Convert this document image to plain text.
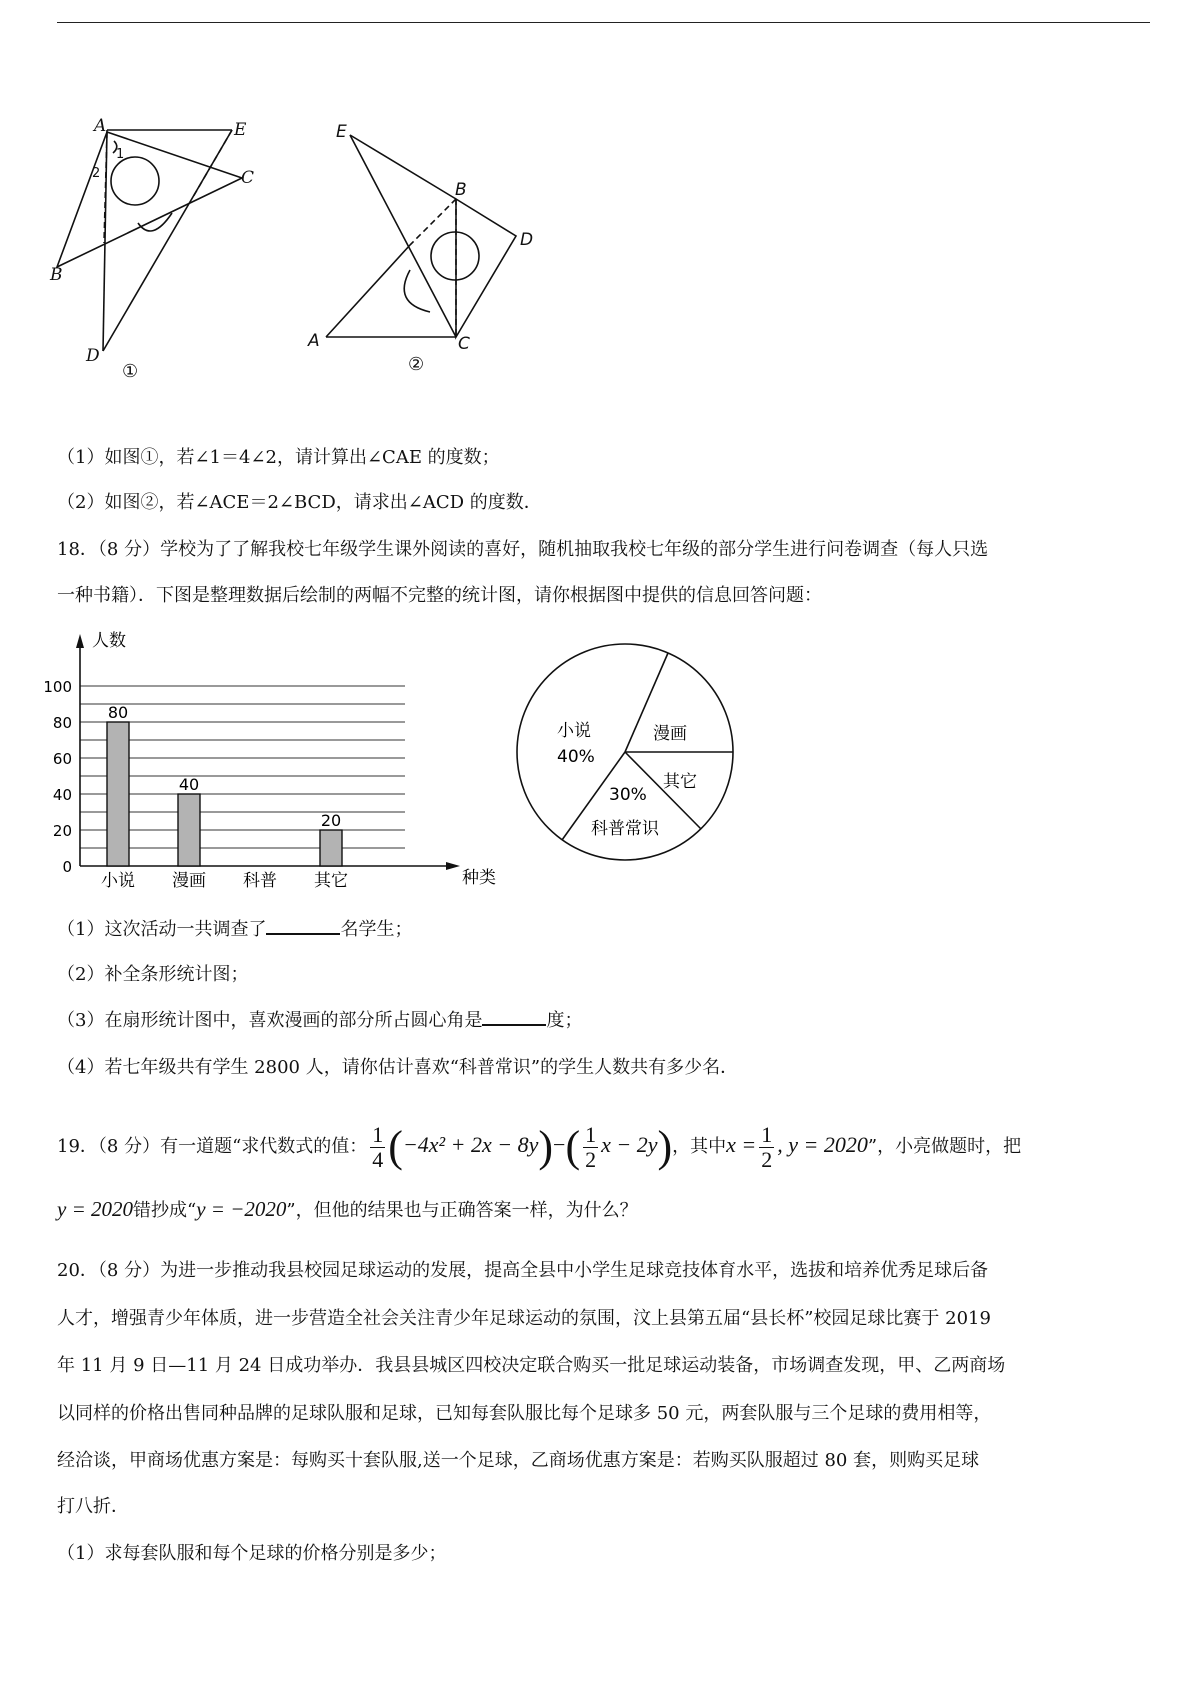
A	E
C
B
D
1
2
①
E
B
D
A	C
②
（1）如图①，若∠1＝4∠2，请计算出∠CAE 的度数；
（2）如图②，若∠ACE＝2∠BCD，请求出∠ACD 的度数．
18．（8 分）学校为了了解我校七年级学生课外阅读的喜好，随机抽取我校七年级的部分学生进行问卷调查（每人只选
一种书籍）．下图是整理数据后绘制的两幅不完整的统计图，请你根据图中提供的信息回答问题：
0
20
40
60
80
100
80
40
20
小说 漫画 科普 其它
人数
种类
小说
40%
漫画
其它
30%
科普常识
（1）这次活动一共调查了	名学生；
（2）补全条形统计图；
（3）在扇形统计图中，喜欢漫画的部分所占圆心角是	度；
（4）若七年级共有学生 2800 人，请你估计喜欢“科普常识”的学生人数共有多少名．
19．（8 分）有一道题“求代数式的值： $\frac{1}{4} (-4x^2 + 2x - 8y)-( \frac{1}{2}$ x − 2y)，其中$x = \frac{1}{2}$ , y = 2020”，小亮做题时，把
y = 2020错抄成“y = −2020”，但他的结果也与正确答案一样，为什么？
20．（8 分）为进一步推动我县校园足球运动的发展，提高全县中小学生足球竞技体育水平，选拔和培养优秀足球后备
人才，增强青少年体质，进一步营造全社会关注青少年足球运动的氛围，汶上县第五届“县长杯”校园足球比赛于 2019
年 11 月 9 日—11 月 24 日成功举办．我县县城区四校决定联合购买一批足球运动装备，市场调查发现，甲、乙两商场
以同样的价格出售同种品牌的足球队服和足球，已知每套队服比每个足球多 50 元，两套队服与三个足球的费用相等，
经洽谈，甲商场优惠方案是：每购买十套队服,送一个足球，乙商场优惠方案是：若购买队服超过 80 套，则购买足球
打八折．
（1）求每套队服和每个足球的价格分别是多少；
